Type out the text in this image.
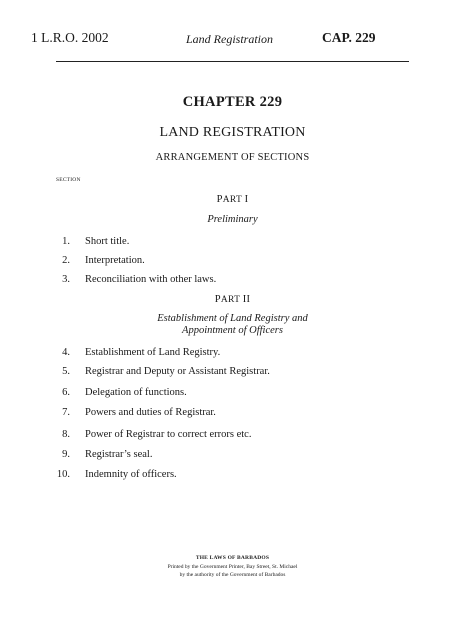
1 L.R.O. 2002	Land Registration	CAP. 229
CHAPTER 229
LAND REGISTRATION
ARRANGEMENT OF SECTIONS
SECTION
PART I
Preliminary
1. Short title.
2. Interpretation.
3. Reconciliation with other laws.
PART II
Establishment of Land Registry and
Appointment of Officers
4. Establishment of Land Registry.
5. Registrar and Deputy or Assistant Registrar.
6. Delegation of functions.
7. Powers and duties of Registrar.
8. Power of Registrar to correct errors etc.
9. Registrar’s seal.
10. Indemnity of officers.
THE LAWS OF BARBADOS
Printed by the Government Printer, Bay Street, St. Michael
by the authority of the Government of Barbados
